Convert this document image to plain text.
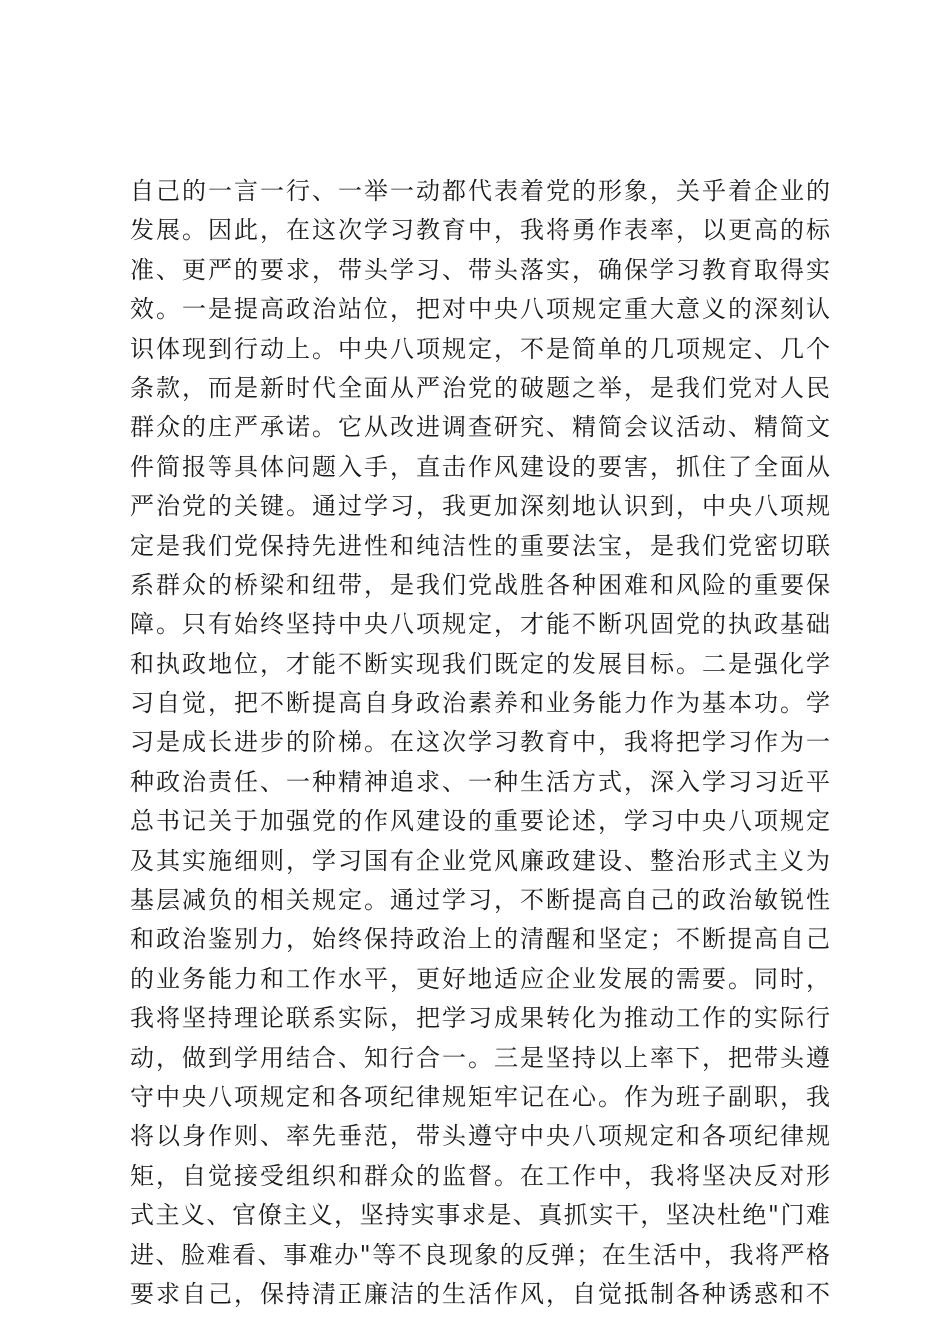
自己的一言一行、一举一动都代表着党的形象，关乎着企业的
发展。因此，在这次学习教育中，我将勇作表率，以更高的标
准、更严的要求，带头学习、带头落实，确保学习教育取得实
效。一是提高政治站位，把对中央八项规定重大意义的深刻认
识体现到行动上。中央八项规定，不是简单的几项规定、几个
条款，而是新时代全面从严治党的破题之举，是我们党对人民
群众的庄严承诺。它从改进调查研究、精简会议活动、精简文
件简报等具体问题入手，直击作风建设的要害，抓住了全面从
严治党的关键。通过学习，我更加深刻地认识到，中央八项规
定是我们党保持先进性和纯洁性的重要法宝，是我们党密切联
系群众的桥梁和纽带，是我们党战胜各种困难和风险的重要保
障。只有始终坚持中央八项规定，才能不断巩固党的执政基础
和执政地位，才能不断实现我们既定的发展目标。二是强化学
习自觉，把不断提高自身政治素养和业务能力作为基本功。学
习是成长进步的阶梯。在这次学习教育中，我将把学习作为一
种政治责任、一种精神追求、一种生活方式，深入学习习近平
总书记关于加强党的作风建设的重要论述，学习中央八项规定
及其实施细则，学习国有企业党风廉政建设、整治形式主义为
基层减负的相关规定。通过学习，不断提高自己的政治敏锐性
和政治鉴别力，始终保持政治上的清醒和坚定；不断提高自己
的业务能力和工作水平，更好地适应企业发展的需要。同时，
我将坚持理论联系实际，把学习成果转化为推动工作的实际行
动，做到学用结合、知行合一。三是坚持以上率下，把带头遵
守中央八项规定和各项纪律规矩牢记在心。作为班子副职，我
将以身作则、率先垂范，带头遵守中央八项规定和各项纪律规
矩，自觉接受组织和群众的监督。在工作中，我将坚决反对形
式主义、官僚主义，坚持实事求是、真抓实干，坚决杜绝"门难
进、脸难看、事难办"等不良现象的反弹；在生活中，我将严格
要求自己，保持清正廉洁的生活作风，自觉抵制各种诱惑和不
